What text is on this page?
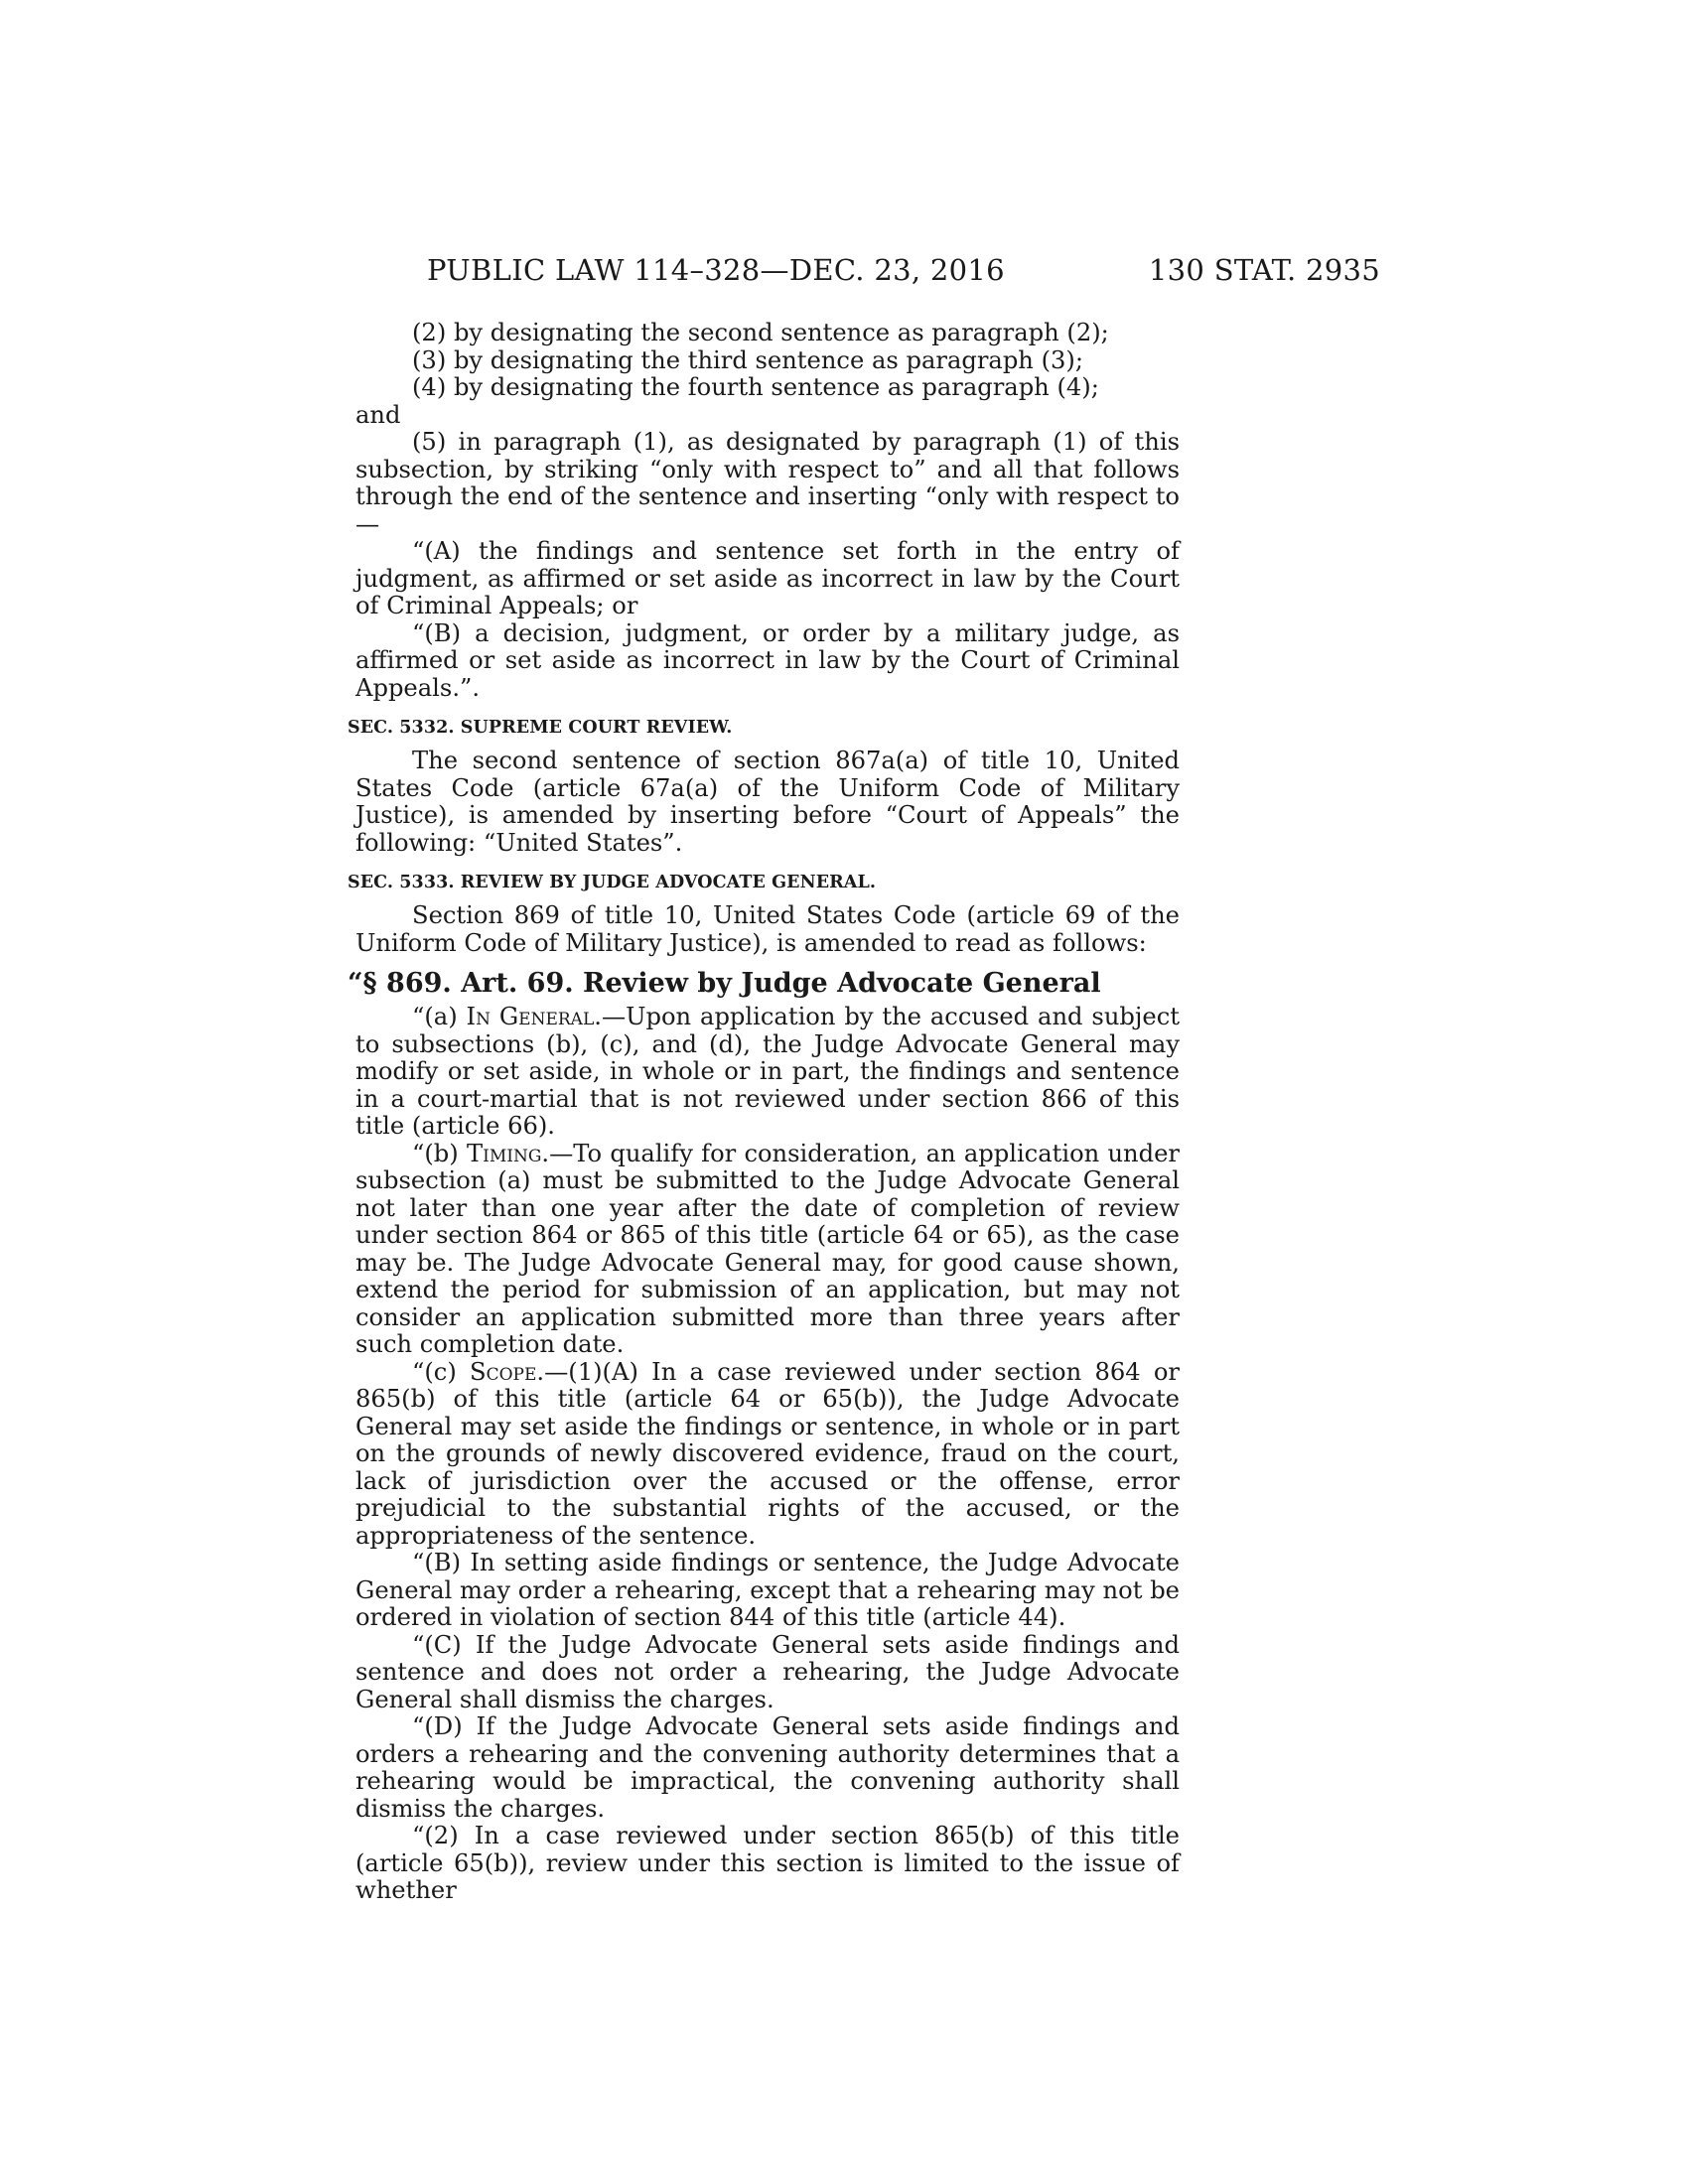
PUBLIC LAW 114–328—DEC. 23, 2016	130 STAT. 2935

(2) by designating the second sentence as paragraph (2);

(3) by designating the third sentence as paragraph (3);

(4) by designating the fourth sentence as paragraph (4);

and

(5) in paragraph (1), as designated by paragraph (1) of this subsection, by striking “only with respect to” and all that follows through the end of the sentence and inserting “only with respect to—

“(A) the findings and sentence set forth in the entry of judgment, as affirmed or set aside as incorrect in law by the Court of Criminal Appeals; or

“(B) a decision, judgment, or order by a military judge, as affirmed or set aside as incorrect in law by the Court of Criminal Appeals.”.

SEC. 5332. SUPREME COURT REVIEW.

The second sentence of section 867a(a) of title 10, United States Code (article 67a(a) of the Uniform Code of Military Justice), is amended by inserting before “Court of Appeals” the following: “United States”.

SEC. 5333. REVIEW BY JUDGE ADVOCATE GENERAL.

Section 869 of title 10, United States Code (article 69 of the Uniform Code of Military Justice), is amended to read as follows:

“§ 869. Art. 69. Review by Judge Advocate General

“(a) In General.—Upon application by the accused and subject to subsections (b), (c), and (d), the Judge Advocate General may modify or set aside, in whole or in part, the findings and sentence in a court-martial that is not reviewed under section 866 of this title (article 66).

“(b) Timing.—To qualify for consideration, an application under subsection (a) must be submitted to the Judge Advocate General not later than one year after the date of completion of review under section 864 or 865 of this title (article 64 or 65), as the case may be. The Judge Advocate General may, for good cause shown, extend the period for submission of an application, but may not consider an application submitted more than three years after such completion date.

“(c) Scope.—(1)(A) In a case reviewed under section 864 or 865(b) of this title (article 64 or 65(b)), the Judge Advocate General may set aside the findings or sentence, in whole or in part on the grounds of newly discovered evidence, fraud on the court, lack of jurisdiction over the accused or the offense, error prejudicial to the substantial rights of the accused, or the appropriateness of the sentence.

“(B) In setting aside findings or sentence, the Judge Advocate General may order a rehearing, except that a rehearing may not be ordered in violation of section 844 of this title (article 44).

“(C) If the Judge Advocate General sets aside findings and sentence and does not order a rehearing, the Judge Advocate General shall dismiss the charges.

“(D) If the Judge Advocate General sets aside findings and orders a rehearing and the convening authority determines that a rehearing would be impractical, the convening authority shall dismiss the charges.

“(2) In a case reviewed under section 865(b) of this title (article 65(b)), review under this section is limited to the issue of whether
